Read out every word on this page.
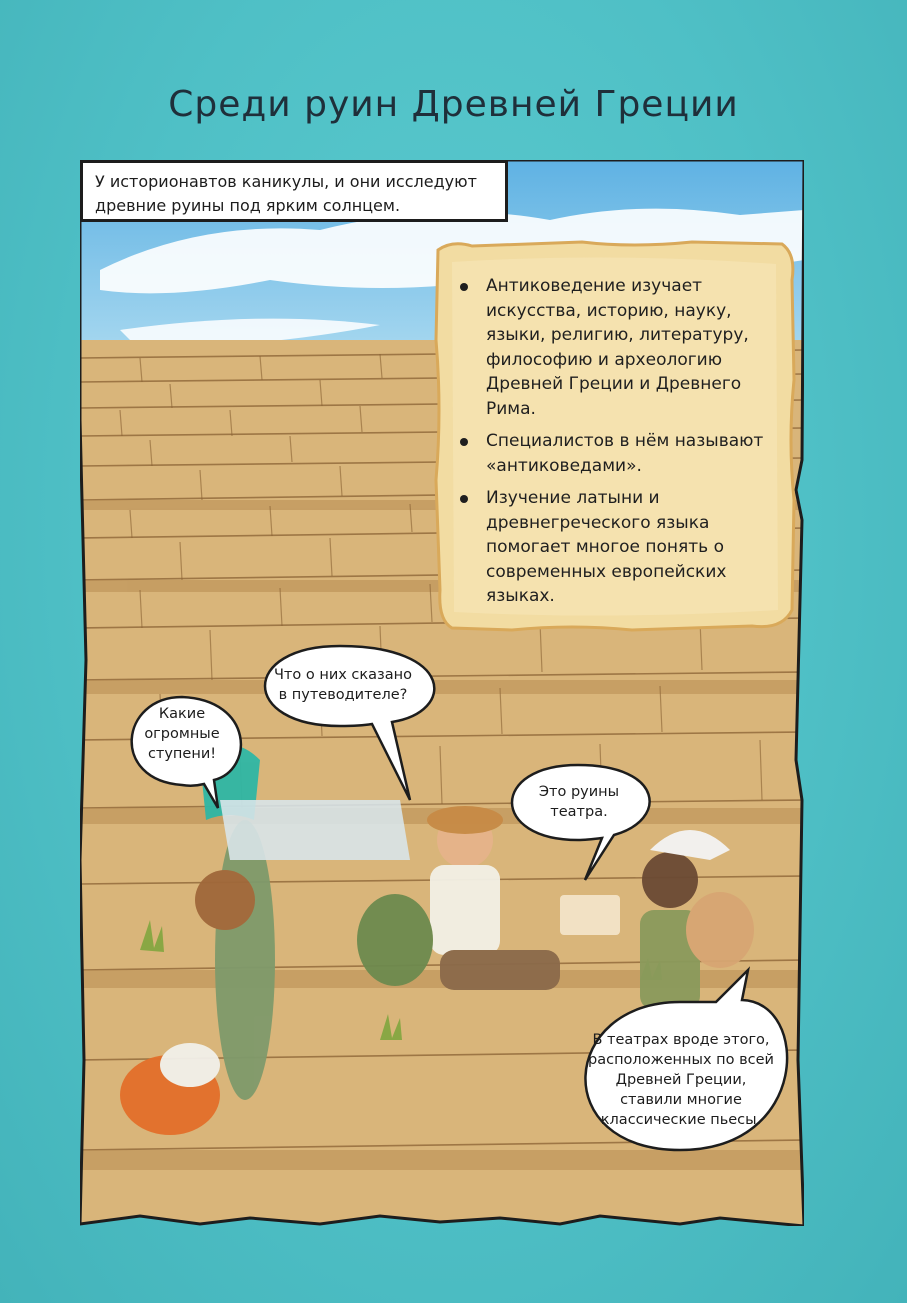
Среди руин Древней Греции
У историонавтов каникулы, и они исследуют древние руины под ярким солнцем.
Антиковедение изучает искусства, историю, науку, языки, религию, литературу, философию и археологию Древней Греции и Древнего Рима.
Специалистов в нём называют «антиковедами».
Изучение латыни и древнегреческого языка помогает многое понять о современных европейских языках.
Какие огромные ступени!
Что о них сказано в путеводителе?
Это руины театра.
В театрах вроде этого, расположенных по всей Древней Греции, ставили многие классические пьесы.
